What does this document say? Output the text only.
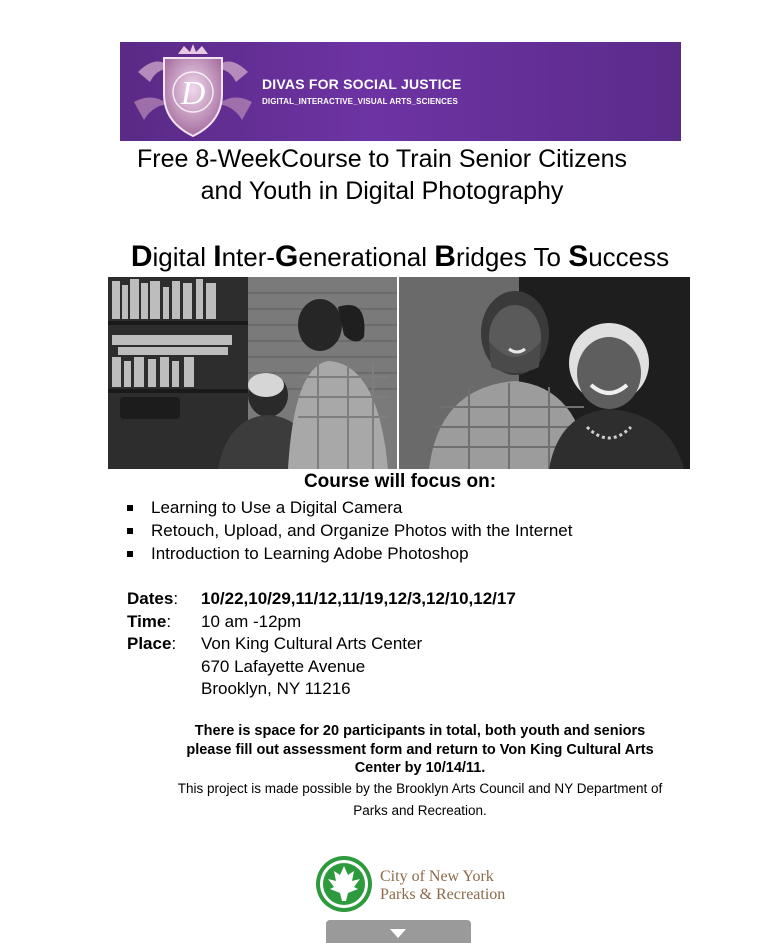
D	DIVAS FOR SOCIAL JUSTICE
DIGITAL_INTERACTIVE_VISUAL ARTS_SCIENCES
Free 8-WeekCourse to Train Senior Citizens
and Youth in Digital Photography
Digital Inter-Generational Bridges To Success
Course will focus on:
Learning to Use a Digital Camera
Retouch, Upload, and Organize Photos with the Internet
Introduction to Learning Adobe Photoshop
Dates: 10/22,10/29,11/12,11/19,12/3,12/10,12/17
Time: 10 am -12pm
Place: Von King Cultural Arts Center
670 Lafayette Avenue
Brooklyn, NY 11216
There is space for 20 participants in total, both youth and seniors
please fill out assessment form and return to Von King Cultural Arts
Center by 10/14/11.
This project is made possible by the Brooklyn Arts Council and NY Department of
Parks and Recreation.
City of New York
Parks & Recreation
